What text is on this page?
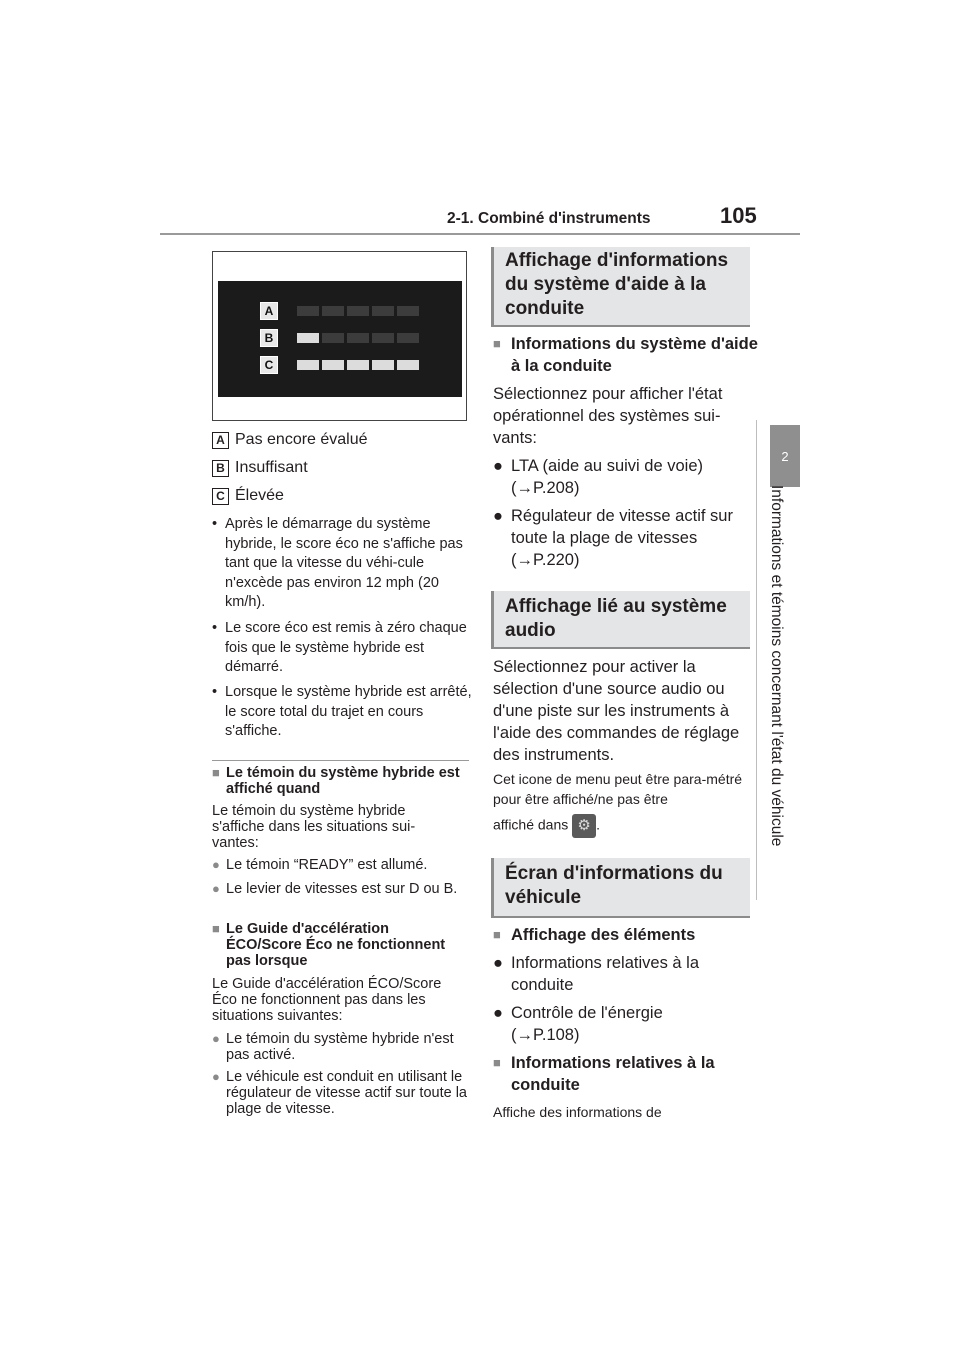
2-1. Combiné d'instruments	105
2
Informations et témoins concernant l'état du véhicule
A
B
C
A Pas encore évalué
B Insuffisant
C Élevée
• Après le démarrage du système hybride, le score éco ne s'affiche pas tant que la vitesse du véhi-cule n'excède pas environ 12 mph (20 km/h).
• Le score éco est remis à zéro chaque fois que le système hybride est démarré.
• Lorsque le système hybride est arrêté, le score total du trajet en cours s'affiche.
■ Le témoin du système hybride est affiché quand
Le témoin du système hybride s'affiche dans les situations sui-vantes:
● Le témoin “READY” est allumé.
● Le levier de vitesses est sur D ou B.
■ Le Guide d'accélération ÉCO/Score Éco ne fonctionnent pas lorsque
Le Guide d'accélération ÉCO/Score Éco ne fonctionnent pas dans les situations suivantes:
● Le témoin du système hybride n'est pas activé.
● Le véhicule est conduit en utilisant le régulateur de vitesse actif sur toute la plage de vitesse.
Affichage d'informations du système d'aide à la conduite
■ Informations du système d'aide à la conduite
Sélectionnez pour afficher l'état opérationnel des systèmes sui-vants:
● LTA (aide au suivi de voie)
(→P.208)
● Régulateur de vitesse actif sur toute la plage de vitesses
(→P.220)
Affichage lié au système audio
Sélectionnez pour activer la sélection d'une source audio ou d'une piste sur les instruments à l'aide des commandes de réglage des instruments.
Cet icone de menu peut être para-métré pour être affiché/ne pas être
affiché dans ⚙ .
Écran d'informations du véhicule
■ Affichage des éléments
● Informations relatives à la conduite
● Contrôle de l'énergie
(→P.108)
■ Informations relatives à la conduite
Affiche des informations de
